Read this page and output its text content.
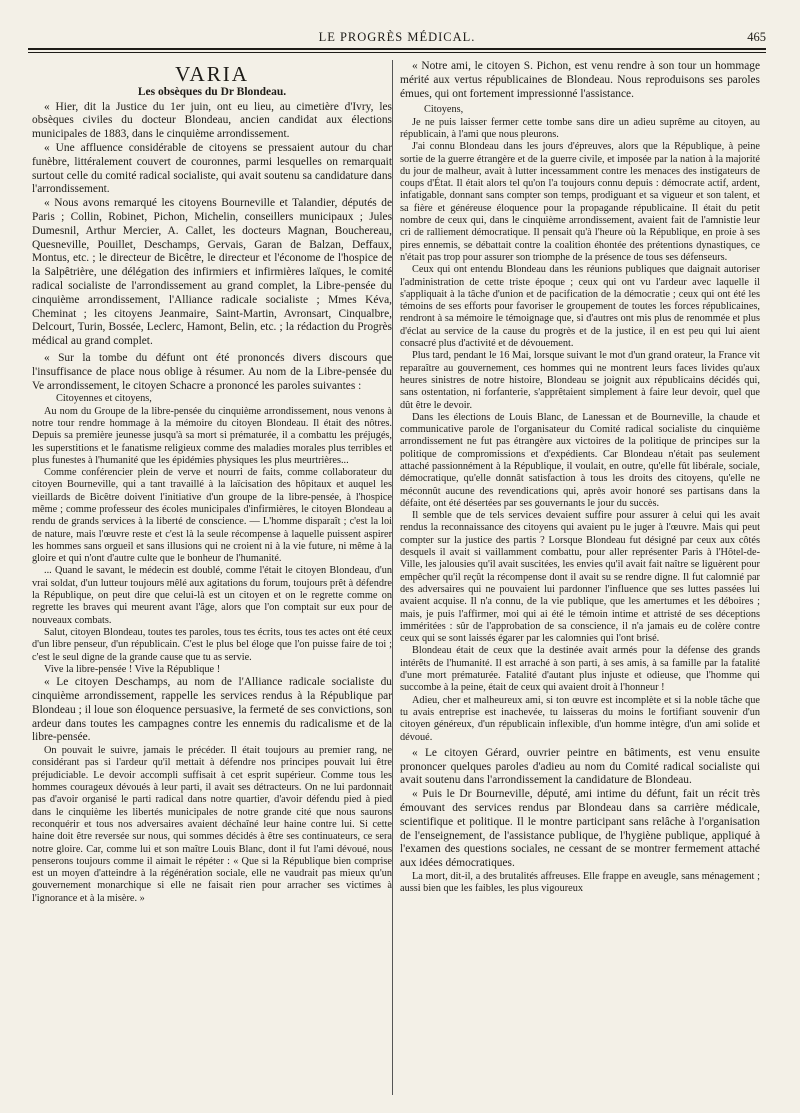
LE PROGRÈS MÉDICAL.	465
VARIA
Les obsèques du Dr Blondeau.

« Hier, dit la Justice du 1er juin, ont eu lieu, au cimetière d'Ivry, les obsèques civiles du docteur Blondeau, ancien candidat aux élections municipales de 1883, dans le cinquième arrondissement.

« Une affluence considérable de citoyens se pressaient autour du char funèbre, littéralement couvert de couronnes, parmi lesquelles on remarquait surtout celle du comité radical socialiste, qui avait soutenu sa candidature dans l'arrondissement.

« Nous avons remarqué les citoyens Bourneville et Talandier, députés de Paris ; Collin, Robinet, Pichon, Michelin, conseillers municipaux ; Jules Dumesnil, Arthur Mercier, A. Callet, les docteurs Magnan, Bouchereau, Quesneville, Pouillet, Deschamps, Gervais, Garan de Balzan, Deffaux, Montus, etc. ; le directeur de Bicêtre, le directeur et l'économe de l'hospice de la Salpêtrière, une délégation des infirmiers et infirmières laïques, le comité radical socialiste de l'arrondissement au grand complet, la Libre-pensée du cinquième arrondissement, l'Alliance radicale socialiste ; Mmes Kéva, Cheminat ; les citoyens Jeanmaire, Saint-Martin, Avronsart, Cinqualbre, Delcourt, Turin, Bossée, Leclerc, Hamont, Belin, etc. ; la rédaction du Progrès médical au grand complet.

« Sur la tombe du défunt ont été prononcés divers discours que l'insuffisance de place nous oblige à résumer. Au nom de la Libre-pensée du Ve arrondissement, le citoyen Schacre a prononcé les paroles suivantes :

Citoyennes et citoyens,

Au nom du Groupe de la libre-pensée du cinquième arrondissement, nous venons à notre tour rendre hommage à la mémoire du citoyen Blondeau. Il était des nôtres. Depuis sa première jeunesse jusqu'à sa mort si prématurée, il a combattu les préjugés, les superstitions et le fanatisme religieux comme des maladies morales plus terribles et plus funestes à l'humanité que les épidémies physiques les plus meurtrières...

Comme conférencier plein de verve et nourri de faits, comme collaborateur du citoyen Bourneville, qui a tant travaillé à la laïcisation des hôpitaux et auquel les vieillards de Bicêtre doivent l'initiative d'un groupe de la libre-pensée, à l'hospice même ; comme professeur des écoles municipales d'infirmières, le citoyen Blondeau a rendu de grands services à la liberté de conscience. — L'homme disparaît ; c'est la loi de nature, mais l'œuvre reste et c'est là la seule récompense à laquelle puissent aspirer les hommes sans orgueil et sans illusions qui ne croient ni à la vie future, ni même à la gloire et qui n'ont d'autre culte que le bonheur de l'humanité.

... Quand le savant, le médecin est doublé, comme l'était le citoyen Blondeau, d'un vrai soldat, d'un lutteur toujours mêlé aux agitations du forum, toujours prêt à défendre la République, on peut dire que celui-là est un citoyen et on le regrette comme on regrette les braves qui meurent avant l'âge, alors que l'on comptait sur eux pour de nouveaux combats.

Salut, citoyen Blondeau, toutes tes paroles, tous tes écrits, tous tes actes ont été ceux d'un libre penseur, d'un républicain. C'est le plus bel éloge que l'on puisse faire de toi ; c'est le seul digne de la grande cause que tu as servie.

Vive la libre-pensée ! Vive la République !

« Le citoyen Deschamps, au nom de l'Alliance radicale socialiste du cinquième arrondissement, rappelle les services rendus à la République par Blondeau ; il loue son éloquence persuasive, la fermeté de ses convictions, son ardeur dans toutes les campagnes contre les ennemis du radicalisme et de la libre-pensée.

On pouvait le suivre, jamais le précéder. Il était toujours au premier rang, ne considérant pas si l'ardeur qu'il mettait à défendre nos principes pouvait lui être préjudiciable. Le devoir accompli suffisait à cet esprit supérieur. Comme tous les hommes courageux dévoués à leur parti, il avait ses détracteurs. On ne lui pardonnait pas d'avoir organisé le parti radical dans notre quartier, d'avoir défendu pied à pied dans le cinquième les libertés municipales de notre grande cité que nous saurons reconquérir et tous nos adversaires avaient déchaîné leur haine contre lui. Si cette haine doit être reversée sur nous, qui sommes décidés à être ses continuateurs, ce sera notre gloire. Car, comme lui et son maître Louis Blanc, dont il fut l'ami dévoué, nous penserons toujours comme il aimait le répéter : « Que si la République bien comprise est un moyen d'atteindre à la régénération sociale, elle ne vaudrait pas mieux qu'un gouvernement monarchique si elle ne faisait rien pour arracher ses victimes à l'ignorance et à la misère. »

« Notre ami, le citoyen S. Pichon, est venu rendre à son tour un hommage mérité aux vertus républicaines de Blondeau. Nous reproduisons ses paroles émues, qui ont fortement impressionné l'assistance.

Citoyens,

Je ne puis laisser fermer cette tombe sans dire un adieu suprême au citoyen, au républicain, à l'ami que nous pleurons.

J'ai connu Blondeau dans les jours d'épreuves, alors que la République, à peine sortie de la guerre étrangère et de la guerre civile, et imposée par la nation à la majorité du jour de malheur, avait à lutter incessamment contre les menaces des instigateurs de coups d'État. Il était alors tel qu'on l'a toujours connu depuis : démocrate actif, ardent, infatigable, donnant sans compter son temps, prodiguant et sa vigueur et son talent, et sa fière et généreuse éloquence pour la propagande républicaine. Il était du petit nombre de ceux qui, dans le cinquième arrondissement, avaient fait de l'amnistie leur cri de ralliement démocratique. Il pensait qu'à l'heure où la République, en proie à ses pires ennemis, se débattait contre la coalition éhontée des prétentions dynastiques, ce n'était pas trop pour assurer son triomphe de la présence de tous ses défenseurs.

Ceux qui ont entendu Blondeau dans les réunions publiques que daignait autoriser l'administration de cette triste époque ; ceux qui ont vu l'ardeur avec laquelle il s'appliquait à la tâche d'union et de pacification de la démocratie ; ceux qui ont été les témoins de ses efforts pour favoriser le groupement de toutes les forces républicaines, rendront à sa mémoire le témoignage que, si d'autres ont mis plus de renommée et plus d'éclat au service de la cause du progrès et de la justice, il en est peu qui lui aient consacré plus d'activité et de dévouement.

Plus tard, pendant le 16 Mai, lorsque suivant le mot d'un grand orateur, la France vit reparaître au gouvernement, ces hommes qui ne montrent leurs faces livides qu'aux heures sinistres de notre histoire, Blondeau se joignit aux républicains décidés qui, sans ostentation, ni forfanterie, s'apprêtaient simplement à faire leur devoir, quel que dût être le devoir.

Dans les élections de Louis Blanc, de Lanessan et de Bourneville, la chaude et communicative parole de l'organisateur du Comité radical socialiste du cinquième arrondissement ne fut pas étrangère aux victoires de la politique de principes sur la politique de compromissions et d'expédients. Car Blondeau n'était pas seulement attaché passionnément à la République, il voulait, en outre, qu'elle fût libérale, sociale, démocratique, qu'elle donnât satisfaction à tous les droits des citoyens, qu'elle ne méconnût aucune des revendications qui, après avoir honoré ses partisans dans la défaite, ont été désertées par ses gouvernants le jour du succès.

Il semble que de tels services devaient suffire pour assurer à celui qui les avait rendus la reconnaissance des citoyens qui avaient pu le juger à l'œuvre. Mais qui peut compter sur la justice des partis ? Lorsque Blondeau fut désigné par ceux aux côtés desquels il avait si vaillamment combattu, pour aller représenter Paris à l'Hôtel-de-Ville, les jalousies qu'il avait suscitées, les envies qu'il avait fait naître se liguèrent pour empêcher qu'il reçût la récompense dont il avait su se rendre digne. Il fut calomnié par des adversaires qui ne pouvaient lui pardonner l'influence que ses luttes passées lui avaient acquise. Il n'a connu, de la vie publique, que les amertumes et les déboires ; mais, je puis l'affirmer, moi qui ai été le témoin intime et attristé de ses déceptions imméritées : sûr de l'approbation de sa conscience, il n'a jamais eu de colère contre ceux qui se sont laissés égarer par les calomnies qui l'ont brisé.

Blondeau était de ceux que la destinée avait armés pour la défense des grands intérêts de l'humanité. Il est arraché à son parti, à ses amis, à sa famille par la fatalité d'une mort prématurée. Fatalité d'autant plus injuste et odieuse, que l'homme qui succombe à la peine, était de ceux qui avaient droit à l'honneur !

Adieu, cher et malheureux ami, si ton œuvre est incomplète et si la noble tâche que tu avais entreprise est inachevée, tu laisseras du moins le fortifiant souvenir d'un citoyen généreux, d'un républicain inflexible, d'un homme intègre, d'un ami solide et dévoué.

« Le citoyen Gérard, ouvrier peintre en bâtiments, est venu ensuite prononcer quelques paroles d'adieu au nom du Comité radical socialiste qui avait soutenu dans l'arrondissement la candidature de Blondeau.

« Puis le Dr Bourneville, député, ami intime du défunt, fait un récit très émouvant des services rendus par Blondeau dans sa carrière médicale, scientifique et politique. Il le montre participant sans relâche à l'organisation de l'enseignement, de l'assistance publique, de l'hygiène publique, appliqué à l'examen des questions sociales, ne cessant de se montrer fermement attaché aux idées démocratiques.

La mort, dit-il, a des brutalités affreuses. Elle frappe en aveugle, sans ménagement ; aussi bien que les faibles, les plus vigoureux
